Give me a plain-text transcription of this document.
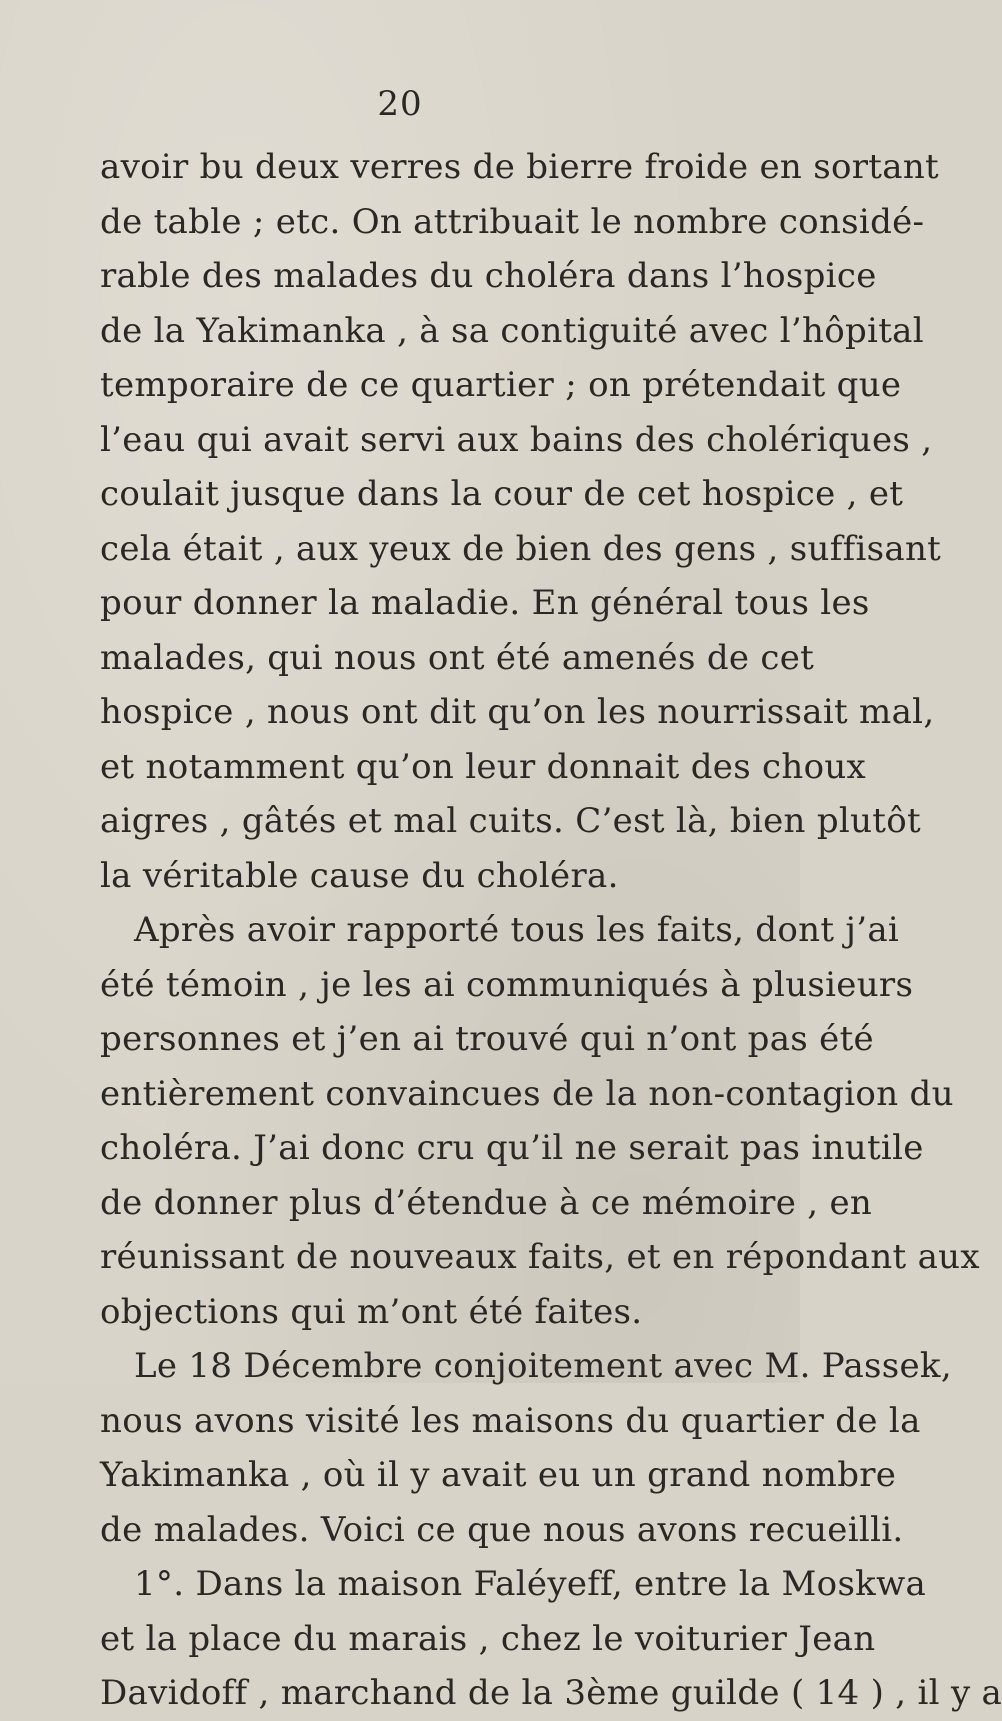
20
avoir bu deux verres de bierre froide en sortant
de table ; etc. On attribuait le nombre considé-
rable des malades du choléra dans l’hospice
de la Yakimanka , à sa contiguité avec l’hôpital
temporaire de ce quartier ; on prétendait que
l’eau qui avait servi aux bains des cholériques ,
coulait jusque dans la cour de cet hospice , et
cela était , aux yeux de bien des gens , suffisant
pour donner la maladie. En général tous les
malades, qui nous ont été amenés de cet
hospice , nous ont dit qu’on les nourrissait mal,
et notamment qu’on leur donnait des choux
aigres , gâtés et mal cuits. C’est là, bien plutôt
la véritable cause du choléra.
Après avoir rapporté tous les faits, dont j’ai
été témoin , je les ai communiqués à plusieurs
personnes et j’en ai trouvé qui n’ont pas été
entièrement convaincues de la non-contagion du
choléra. J’ai donc cru qu’il ne serait pas inutile
de donner plus d’étendue à ce mémoire , en
réunissant de nouveaux faits, et en répondant aux
objections qui m’ont été faites.
Le 18 Décembre conjoitement avec M. Passek,
nous avons visité les maisons du quartier de la
Yakimanka , où il y avait eu un grand nombre
de malades. Voici ce que nous avons recueilli.
1°. Dans la maison Faléyeff, entre la Moskwa
et la place du marais , chez le voiturier Jean
Davidoff , marchand de la 3ème guilde ( 14 ) , il y a
